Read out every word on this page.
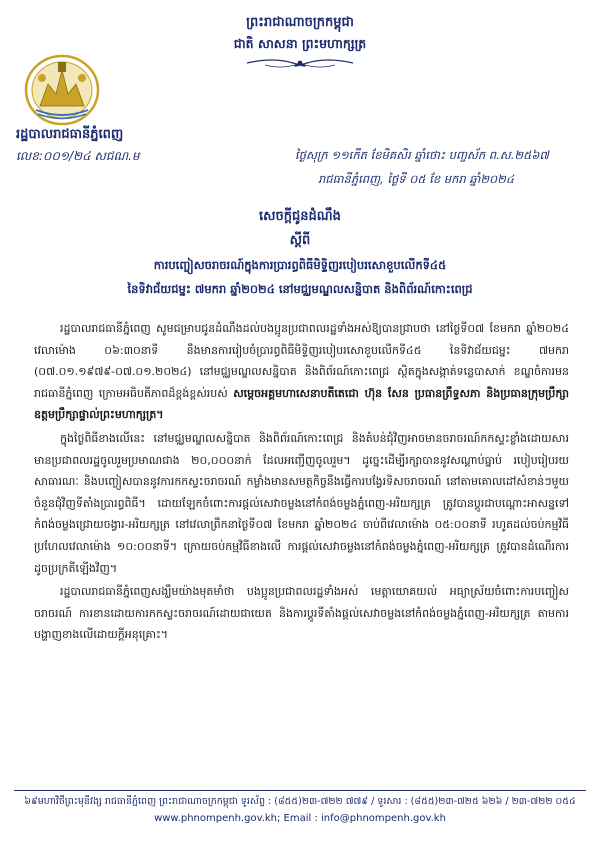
ព្រះរាជាណាចក្រកម្ពុជា
ជាតិ សាសនា ព្រះមហាក្សត្រ
រដ្ឋបាលរាជធានីភ្នំពេញ
លេខ:០០១/២៤ សជណ.ម	ថ្ងៃសុក្រ ១១កើត ខែមិគសិរ ឆ្នាំថោះ បញ្ចស័ក ព.ស.២៥៦៧
រាជធានីភ្នំពេញ, ថ្ងៃទី ០៥ ខែ មករា ឆ្នាំ២០២៤
សេចក្តីជូនដំណឹង
ស្តីពី
ការបញ្ចៀសចរាចរណ៍ក្នុងការប្រារព្ធពិធីមិទ្ទិញរបៀបរសោខួបលើកទី៤៥
នៃទិវាជ័យជម្នះ ៧មករា ឆ្នាំ២០២៤ នៅមជ្ឈមណ្ឌលសន្និបាត និងពិព័រណ៍កោះពេជ្រ

រដ្ឋបាលរាជធានីភ្នំពេញ សូមជម្រាបជូនដំណឹងដល់បងប្អូនប្រជាពលរដ្ឋទាំងអស់ឱ្យបានជ្រាបថា នៅថ្ងៃទី០៧ ខែមករា ឆ្នាំ២០២៤ វេលាម៉ោង ០៦:៣០នាទី នឹងមានការរៀបចំប្រារព្ធពិធីមិទ្ទិញរបៀបរសោខួបលើកទី៤៥ នៃទិវាជ័យជម្នះ ៧មករា (០៧.០១.១៩៧៩-០៧.០១.២០២៤) នៅមជ្ឈមណ្ឌលសន្និបាត និងពិព័រណ៍កោះពេជ្រ ស្ថិតក្នុងសង្កាត់ទន្លេបាសាក់ ខណ្ឌចំការមន រាជធានីភ្នំពេញ ក្រោមអធិបតីភាពដ៏ខ្ពង់ខ្ពស់របស់ សម្តេចអគ្គមហាសេនាបតីតេជោ ហ៊ុន សែន ប្រធានព្រឹទ្ធសភា និងប្រធានក្រុមប្រឹក្សាឧត្តមប្រឹក្សាផ្ទាល់ព្រះមហាក្សត្រ។

ក្នុងថ្ងៃពិធីខាងលើនេះ នៅមជ្ឈមណ្ឌលសន្និបាត និងពិព័រណ៍កោះពេជ្រ និងតំបន់ជុំវិញអាចមានចរាចរណ៍កកស្ទះខ្លាំងដោយសារមានប្រជាពលរដ្ឋចូលរួមប្រមាណជាង ២០,០០០នាក់ ដែលអញ្ជើញចូលរួម។ ដូច្នេះដើម្បីរក្សាបាននូវសណ្តាប់ធ្នាប់ របៀបរៀបរយសាធារណៈ និងបញ្ចៀសបាននូវការកកស្ទះចរាចរណ៍ កម្លាំងមានសមត្ថកិច្ចនឹងធ្វើការបង្វែរទិសចរាចរណ៍ នៅតាមគោលដៅសំខាន់ៗមួយចំនួនជុំវិញទីតាំងប្រារព្ធពិធី។ ដោយឡែកចំពោះការផ្តល់សេវាចម្លងនៅកំពង់ចម្លងភ្នំពេញ-អរិយក្សត្រ ត្រូវបានប្តូរជាបណ្តោះអាសន្នទៅកំពង់ចម្លងជ្រោយចង្វារ-អរិយក្សត្រ នៅវេលាព្រឹកនាថ្ងៃទី០៧ ខែមករា ឆ្នាំ២០២៤ ចាប់ពីវេលាម៉ោង ០៥:០០នាទី រហូតដល់ចប់កម្មវិធីប្រហែលវេលាម៉ោង ១០:០០នាទី។ ក្រោយចប់កម្មវិធីខាងលើ ការផ្តល់សេវាចម្លងនៅកំពង់ចម្លងភ្នំពេញ-អរិយក្សត្រ ត្រូវបានដំណើរការដូចប្រក្រតីឡើងវិញ។

រដ្ឋបាលរាជធានីភ្នំពេញសង្ឃឹមយ៉ាងមុតមាំថា បងប្អូនប្រជាពលរដ្ឋទាំងអស់ មេត្តាយោគយល់ អធ្យាស្រ័យចំពោះការបញ្ចៀសចរាចរណ៍ ការខានដោយការកកស្ទះចរាចរណ៍ដោយជាយេត និងការប្តូរទីតាំងផ្តល់សេវាចម្លងនៅកំពង់ចម្លងភ្នំពេញ-អរិយក្សត្រ តាមការបង្ហាញខាងលើដោយក្តីអនុគ្រោះ។

៦៩មហាវិថីព្រះមុនីវង្ស រាជធានីភ្នំពេញ ព្រះរាជាណាចក្រកម្ពុជា ទូរស័ព្ទ : (៨៥៥)២៣-៧២២ ៧៧៩ / ទូរសារ : (៨៥៥)២៣-៧២៥ ៦២៦ / ២៣-៧២២ ០៥៤
www.phnompenh.gov.kh; Email : info@phnompenh.gov.kh
